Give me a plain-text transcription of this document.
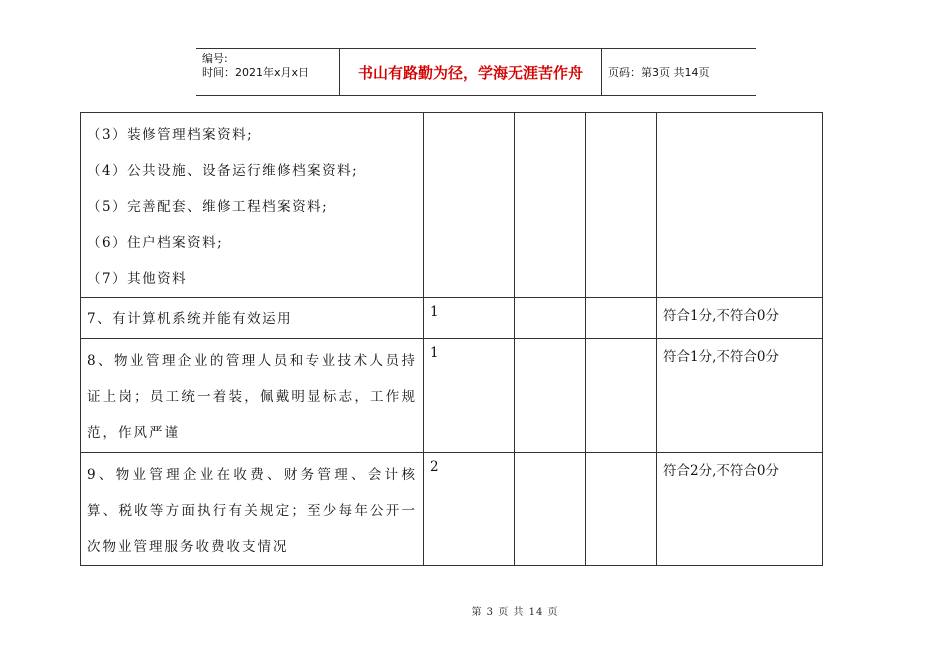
编号:
时间：2021年x月x日	书山有路勤为径，学海无涯苦作舟	页码：第3页 共14页
（3）装修管理档案资料;
（4）公共设施、设备运行维修档案资料;
（5）完善配套、维修工程档案资料;
（6）住户档案资料;
（7）其他资料				

7、有计算机系统并能有效运用	1			符合1分,不符合0分

8、物业管理企业的管理人员和专业技术人员持证上岗；员工统一着装，佩戴明显标志，工作规范，作风严谨	1			符合1分,不符合0分

9、物业管理企业在收费、财务管理、会计核算、税收等方面执行有关规定；至少每年公开一次物业管理服务收费收支情况	2			符合2分,不符合0分
第 3 页 共 14 页
